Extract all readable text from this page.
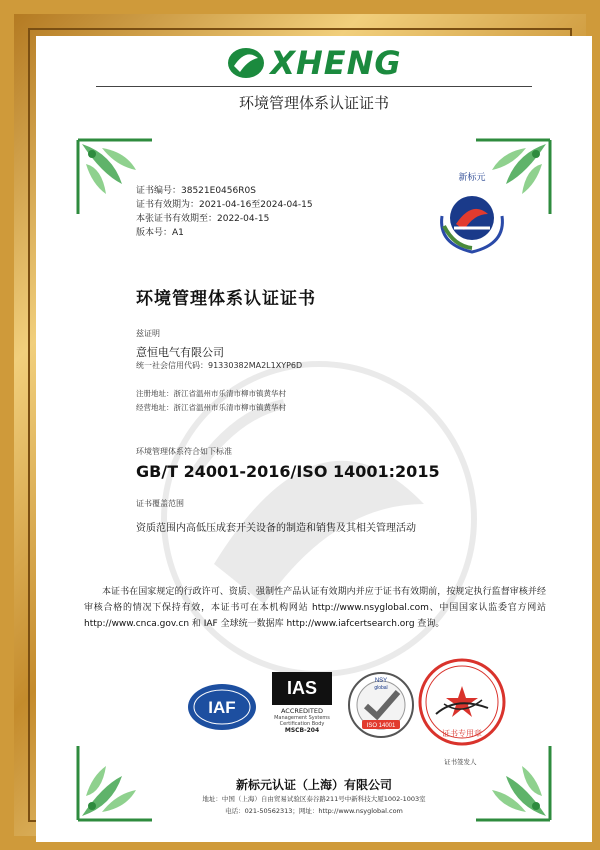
XHENG
环境管理体系认证证书
证书编号：38521E0456R0S
证书有效期为：2021-04-16至2024-04-15
本张证书有效期至：2022-04-15
版本号：A1
新标元
环境管理体系认证证书
兹证明
意恒电气有限公司
统一社会信用代码：91330382MA2L1XYP6D
注册地址：浙江省温州市乐清市柳市镇黄华村
经营地址：浙江省温州市乐清市柳市镇黄华村
环境管理体系符合如下标准
GB/T 24001-2016/ISO 14001:2015
证书覆盖范围
资质范围内高低压成套开关设备的制造和销售及其相关管理活动
本证书在国家规定的行政许可、资质、强制性产品认证有效期内并应于证书有效期前，按规定执行监督审核并经审核合格的情况下保持有效，本证书可在本机构网站 http://www.nsyglobal.com、中国国家认监委官方网站 http://www.cnca.gov.cn 和 IAF 全球统一数据库 http://www.iafcertsearch.org 查询。
IAF
IAS
ACCREDITED
Management Systems
Certification Body
MSCB-204
NSY
global
ISO 14001
证书专用章
证书签发人
新标元认证（上海）有限公司
地址：中国（上海）自由贸易试验区泰谷路211号中新科技大厦1002-1003室
电话：021-50562313；网址：http://www.nsyglobal.com
